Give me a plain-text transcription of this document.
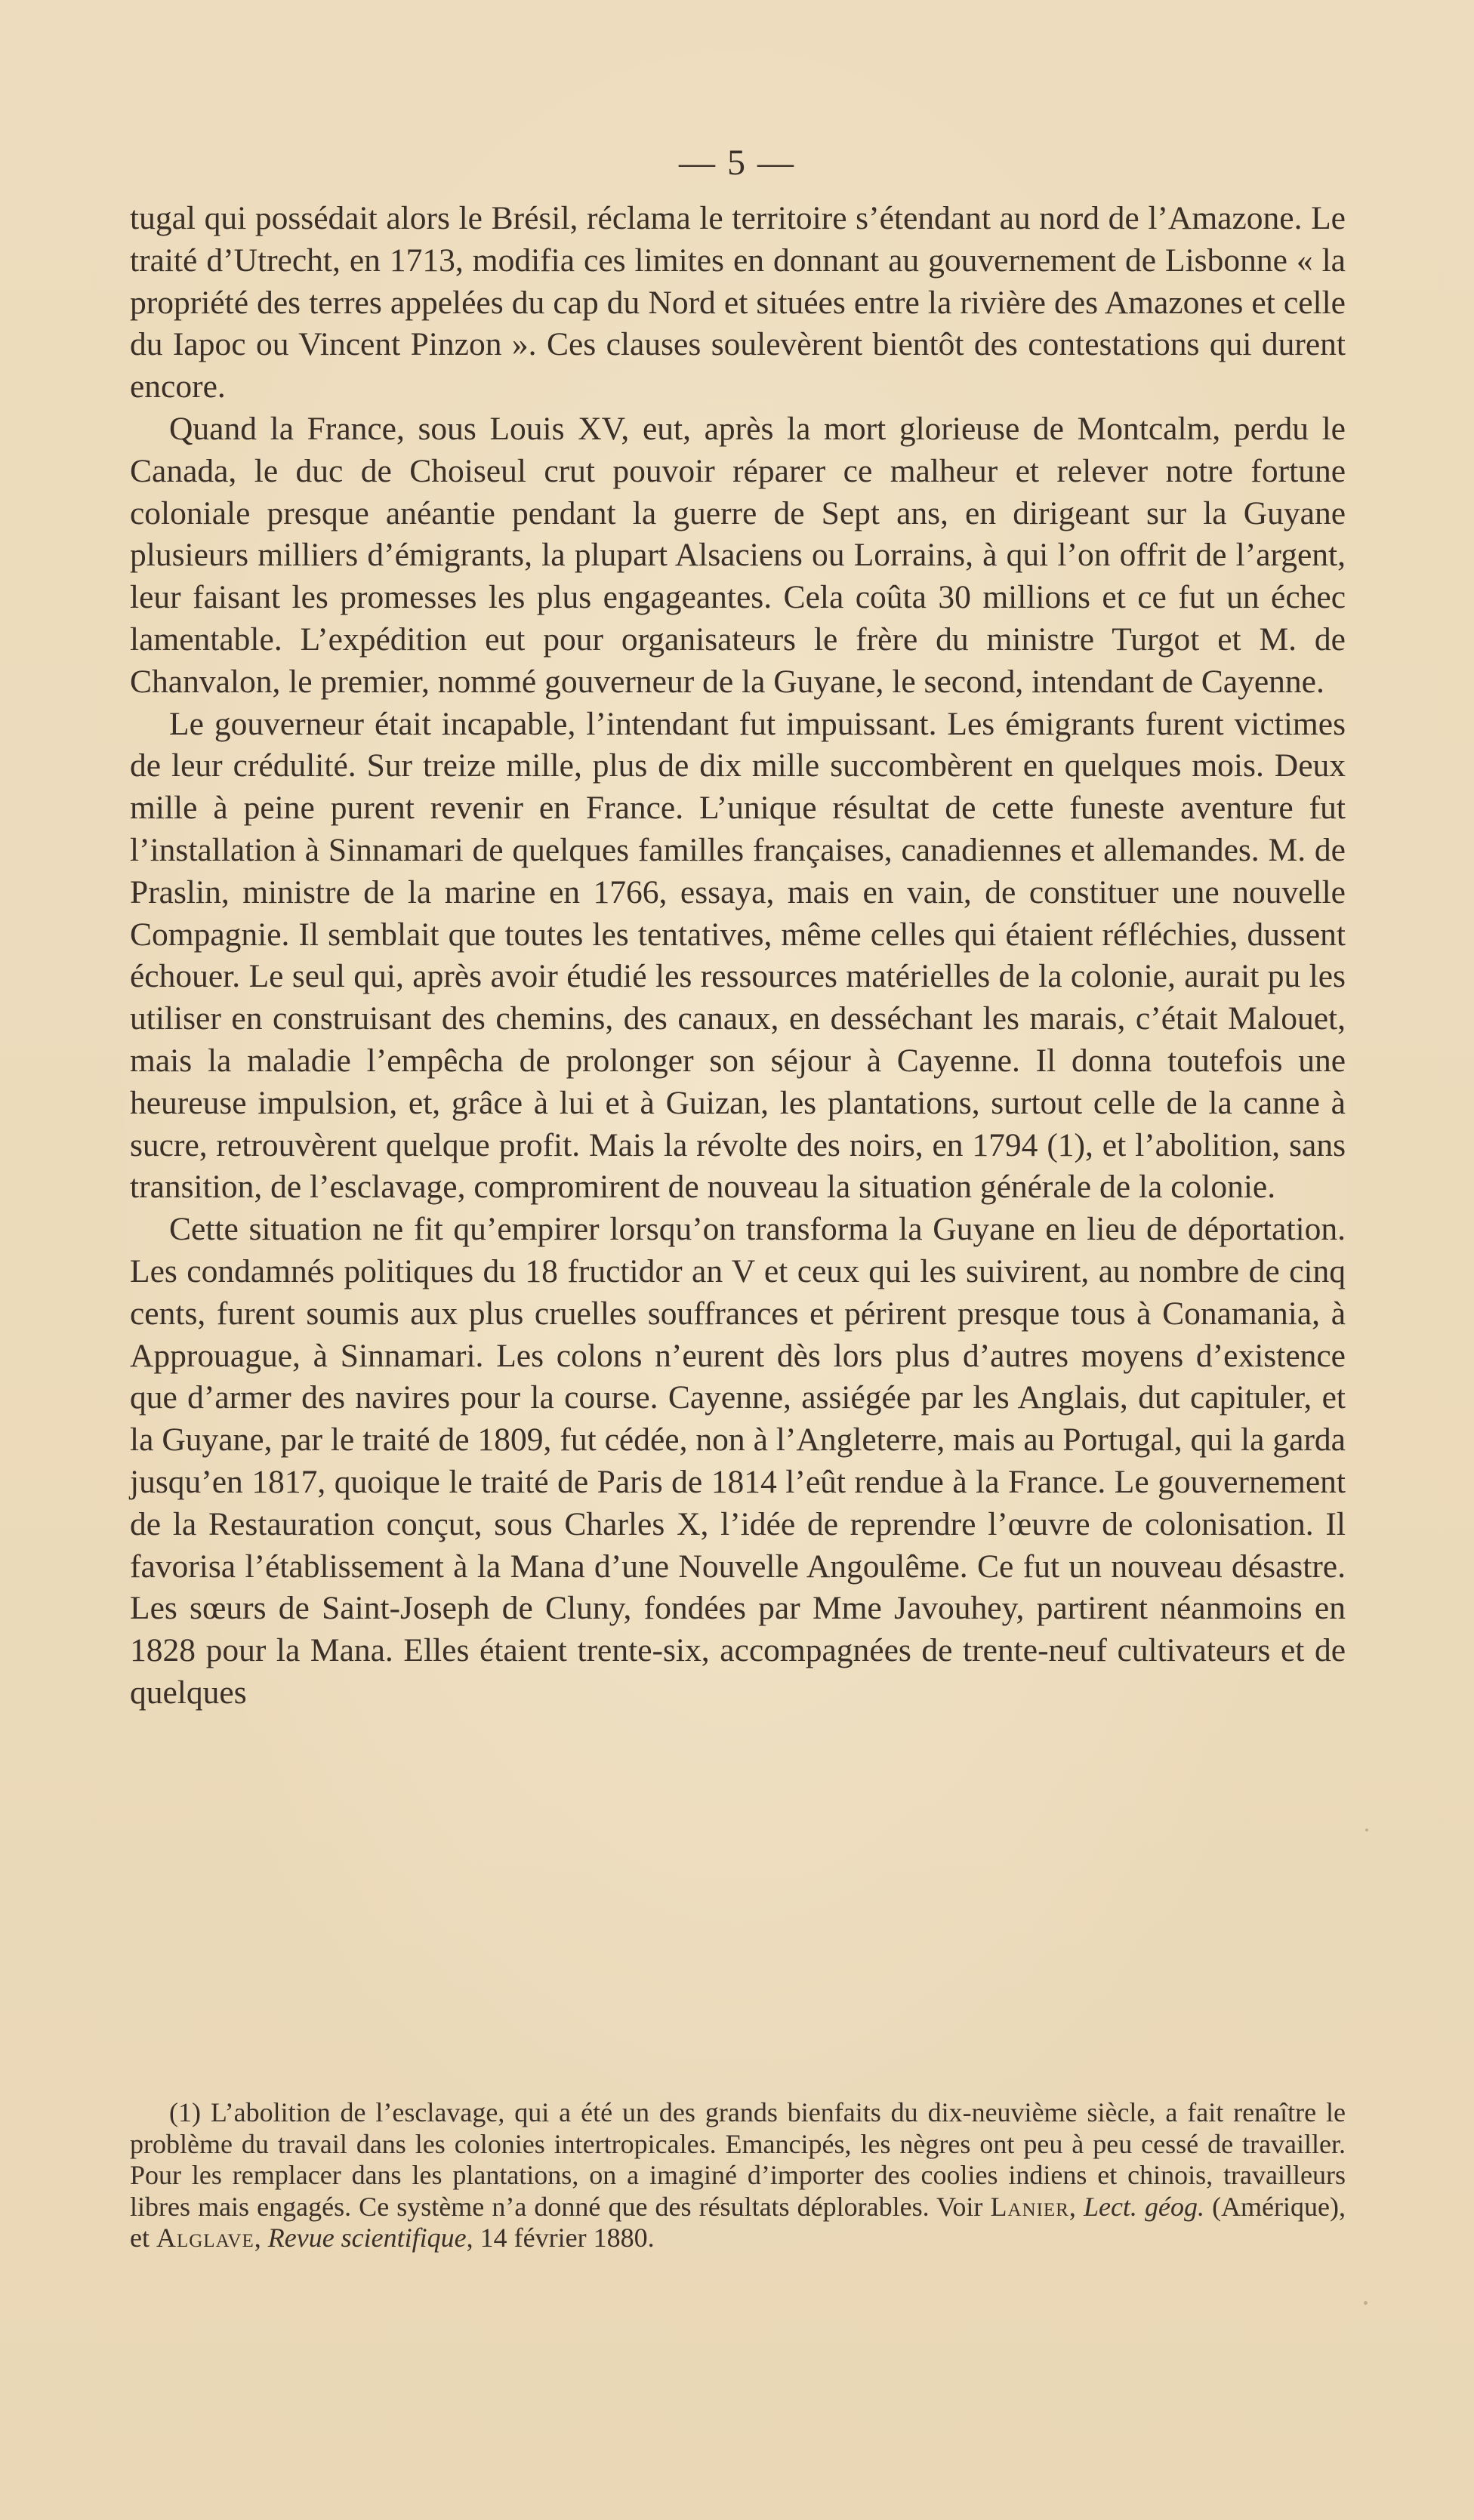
— 5 —

tugal qui possédait alors le Brésil, réclama le territoire s’étendant au nord de l’Amazone. Le traité d’Utrecht, en 1713, modifia ces limites en donnant au gouvernement de Lisbonne « la propriété des terres appelées du cap du Nord et situées entre la rivière des Amazones et celle du Iapoc ou Vincent Pinzon ». Ces clauses soulevèrent bientôt des contestations qui durent encore.

Quand la France, sous Louis XV, eut, après la mort glorieuse de Montcalm, perdu le Canada, le duc de Choiseul crut pouvoir réparer ce malheur et relever notre fortune coloniale presque anéantie pendant la guerre de Sept ans, en dirigeant sur la Guyane plusieurs milliers d’émigrants, la plupart Alsaciens ou Lorrains, à qui l’on offrit de l’argent, leur faisant les promesses les plus engageantes. Cela coûta 30 millions et ce fut un échec lamentable. L’expédition eut pour organisateurs le frère du ministre Turgot et M. de Chanvalon, le premier, nommé gouverneur de la Guyane, le second, intendant de Cayenne.

Le gouverneur était incapable, l’intendant fut impuissant. Les émigrants furent victimes de leur crédulité. Sur treize mille, plus de dix mille succombèrent en quelques mois. Deux mille à peine purent revenir en France. L’unique résultat de cette funeste aventure fut l’installation à Sinnamari de quelques familles françaises, canadiennes et allemandes. M. de Praslin, ministre de la marine en 1766, essaya, mais en vain, de constituer une nouvelle Compagnie. Il semblait que toutes les tentatives, même celles qui étaient réfléchies, dussent échouer. Le seul qui, après avoir étudié les ressources matérielles de la colonie, aurait pu les utiliser en construisant des chemins, des canaux, en desséchant les marais, c’était Malouet, mais la maladie l’empêcha de prolonger son séjour à Cayenne. Il donna toutefois une heureuse impulsion, et, grâce à lui et à Guizan, les plantations, surtout celle de la canne à sucre, retrouvèrent quelque profit. Mais la révolte des noirs, en 1794 (1), et l’abolition, sans transition, de l’esclavage, compromirent de nouveau la situation générale de la colonie.

Cette situation ne fit qu’empirer lorsqu’on transforma la Guyane en lieu de déportation. Les condamnés politiques du 18 fructidor an V et ceux qui les suivirent, au nombre de cinq cents, furent soumis aux plus cruelles souffrances et périrent presque tous à Conamania, à Approuague, à Sinnamari. Les colons n’eurent dès lors plus d’autres moyens d’existence que d’armer des navires pour la course. Cayenne, assiégée par les Anglais, dut capituler, et la Guyane, par le traité de 1809, fut cédée, non à l’Angleterre, mais au Portugal, qui la garda jusqu’en 1817, quoique le traité de Paris de 1814 l’eût rendue à la France. Le gouvernement de la Restauration conçut, sous Charles X, l’idée de reprendre l’œuvre de colonisation. Il favorisa l’établissement à la Mana d’une Nouvelle Angoulême. Ce fut un nouveau désastre. Les sœurs de Saint-Joseph de Cluny, fondées par Mme Javouhey, partirent néanmoins en 1828 pour la Mana. Elles étaient trente-six, accompagnées de trente-neuf cultivateurs et de quelques

(1) L’abolition de l’esclavage, qui a été un des grands bienfaits du dix-neuvième siècle, a fait renaître le problème du travail dans les colonies intertropicales. Emancipés, les nègres ont peu à peu cessé de travailler. Pour les remplacer dans les plantations, on a imaginé d’importer des coolies indiens et chinois, travailleurs libres mais engagés. Ce système n’a donné que des résultats déplorables. Voir Lanier, Lect. géog. (Amérique), et Alglave, Revue scientifique, 14 février 1880.
